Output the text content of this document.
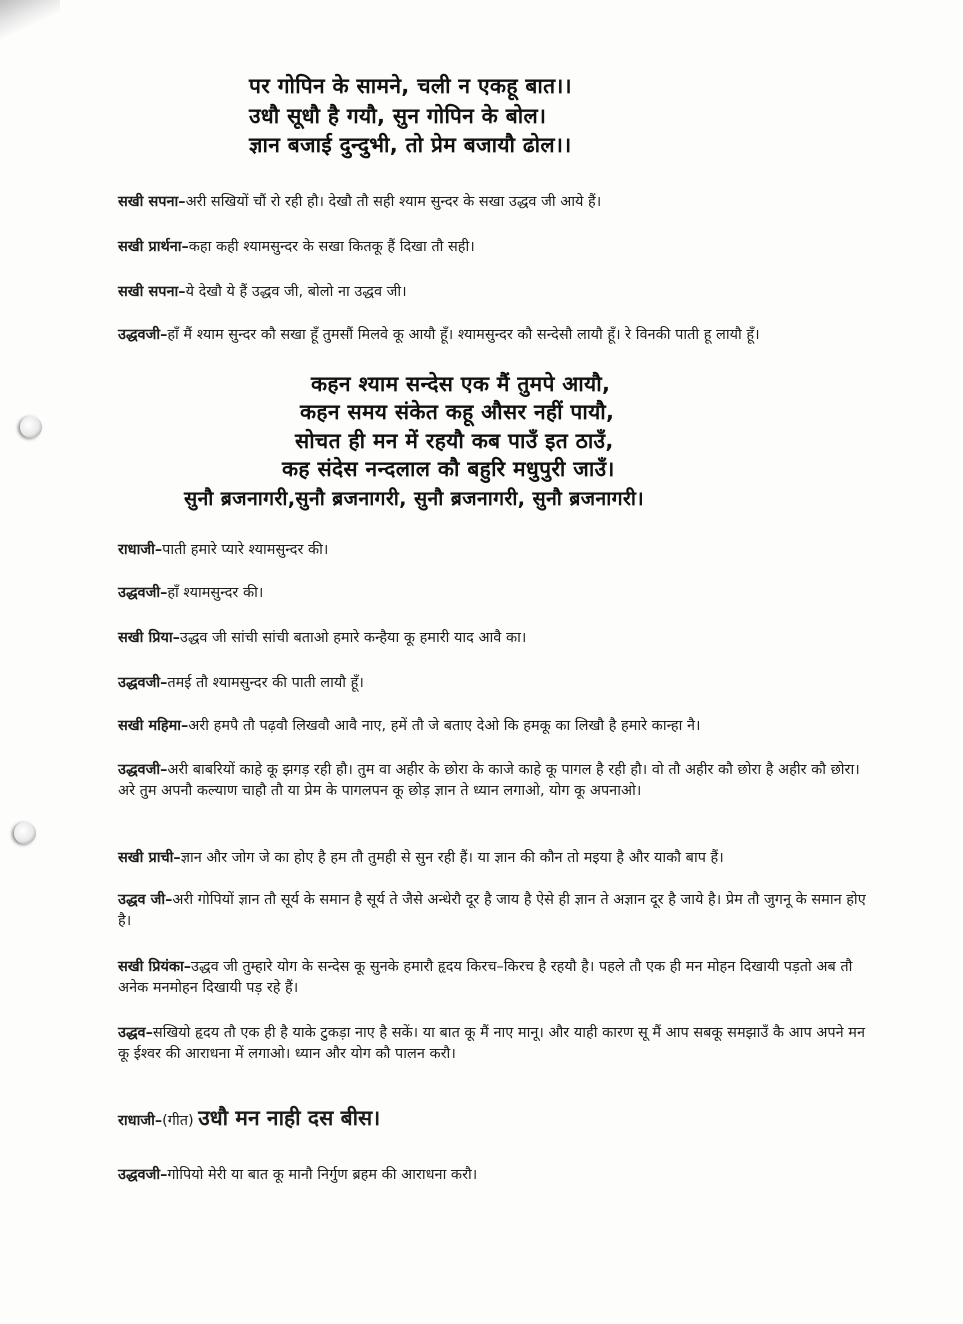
पर गोपिन के सामने, चली न एकहू बात।।
उधौ सूधौ है गयौ, सुन गोपिन के बोल।
ज्ञान बजाई दुन्दुभी, तो प्रेम बजायौ ढोल।।

सखी सपना–अरी सखियों चौं रो रही हौ। देखौ तौ सही श्याम सुन्दर के सखा उद्धव जी आये हैं।

सखी प्रार्थना–कहा कही श्यामसुन्दर के सखा कितकू हैं दिखा तौ सही।

सखी सपना–ये देखौ ये हैं उद्धव जी, बोलो ना उद्धव जी।

उद्धवजी–हॉं मैं श्याम सुन्दर कौ सखा हूँ तुमसौं मिलवे कू आयौ हूँ। श्यामसुन्दर कौ सन्देसौ लायौ हूँ। रे विनकी पाती हू लायौ हूँ।

कहन श्याम सन्देस एक मैं तुमपे आयौ,
कहन समय संकेत कहू औसर नहीं पायौ,
सोचत ही मन में रहयौ कब पाउँ इत ठाउँ,
कह संदेस नन्दलाल कौ बहुरि मधुपुरी जाउँ।
सुनौ ब्रजनागरी,सुनौ ब्रजनागरी, सुनौ ब्रजनागरी, सुनौ ब्रजनागरी।

राधाजी–पाती हमारे प्यारे श्यामसुन्दर की।

उद्धवजी–हॉं श्यामसुन्दर की।

सखी प्रिया–उद्धव जी सांची सांची बताओ हमारे कन्हैया कू हमारी याद आवै का।

उद्धवजी–तमई तौ श्यामसुन्दर की पाती लायौ हूँ।

सखी महिमा–अरी हमपै तौ पढ़वौ लिखवौ आवै नाए, हमें तौ जे बताए देओ कि हमकू का लिखौ है हमारे कान्हा नै।

उद्धवजी–अरी बाबरियों काहे कू झगड़ रही हौ। तुम वा अहीर के छोरा के काजे काहे कू पागल है रही हौ। वो तौ अहीर कौ छोरा है अहीर कौ छोरा। अरे तुम अपनौ कल्याण चाहौ तौ या प्रेम के पागलपन कू छोड़ ज्ञान ते ध्यान लगाओ, योग कू अपनाओ।

सखी प्राची–ज्ञान और जोग जे का होए है हम तौ तुमही से सुन रही हैं। या ज्ञान की कौन तो मइया है और याकौ बाप हैं।

उद्धव जी–अरी गोपियों ज्ञान तौ सूर्य के समान है सूर्य ते जैसे अन्धेरौ दूर है जाय है ऐसे ही ज्ञान ते अज्ञान दूर है जाये है। प्रेम तौ जुगनू के समान होए है।

सखी प्रियंका–उद्धव जी तुम्हारे योग के सन्देस कू सुनके हमारौ हृदय किरच–किरच है रहयौ है। पहले तौ एक ही मन मोहन दिखायी पड़तो अब तौ अनेक मनमोहन दिखायी पड़ रहे हैं।

उद्धव–सखियो हृदय तौ एक ही है याके टुकड़ा नाए है सकें। या बात कू मैं नाए मानू। और याही कारण सू मैं आप सबकू समझाउँ कै आप अपने मन कू ईश्वर की आराधना में लगाओ। ध्यान और योग कौ पालन करौ।

राधाजी–(गीत) उधौ मन नाही दस बीस।

उद्धवजी–गोपियो मेरी या बात कू मानौ निर्गुण ब्रहम की आराधना करौ।
